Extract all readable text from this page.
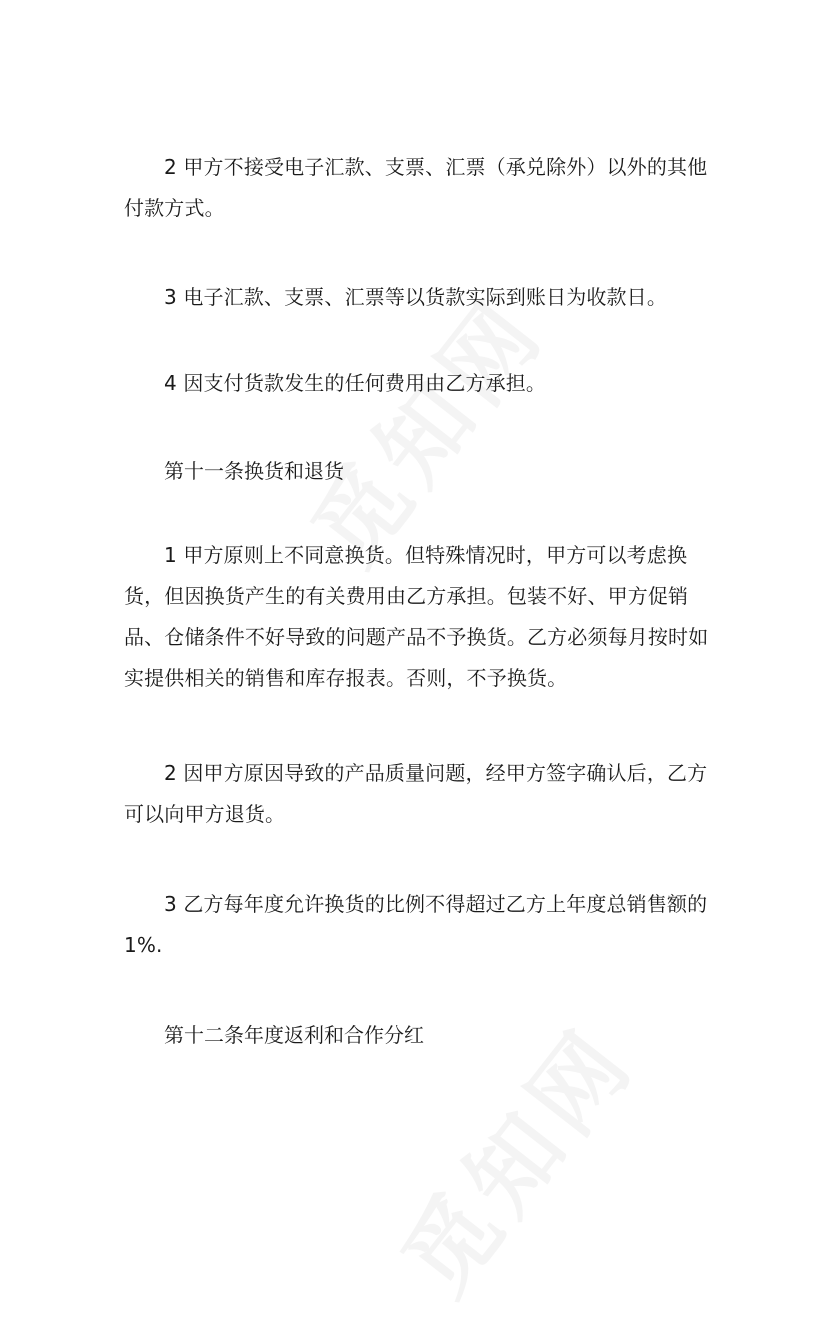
2 甲方不接受电子汇款、支票、汇票（承兑除外）以外的其他付款方式。

3 电子汇款、支票、汇票等以货款实际到账日为收款日。

4 因支付货款发生的任何费用由乙方承担。

第十一条换货和退货

1 甲方原则上不同意换货。但特殊情况时，甲方可以考虑换货，但因换货产生的有关费用由乙方承担。包装不好、甲方促销品、仓储条件不好导致的问题产品不予换货。乙方必须每月按时如实提供相关的销售和库存报表。否则，不予换货。

2 因甲方原因导致的产品质量问题，经甲方签字确认后，乙方可以向甲方退货。

3 乙方每年度允许换货的比例不得超过乙方上年度总销售额的1%.

第十二条年度返利和合作分红
